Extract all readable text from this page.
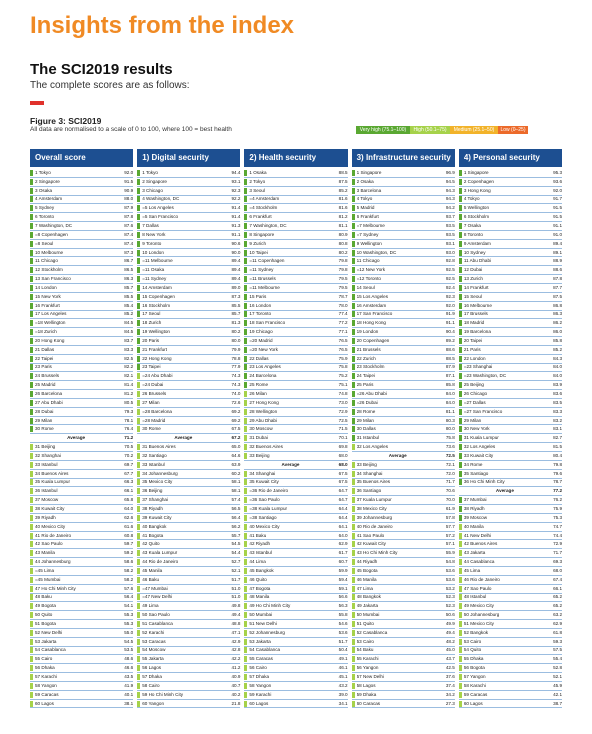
Insights from the index
The SCI2019 results
The complete scores are as follows:
Figure 3: SCI2019
All data are normalised to a scale of 0 to 100, where 100 = best health	Very high (75.1–100)	High (50.1–75)	Medium (25.1–50)	Low (0–25)
Overall score
1 Tokyo	92.0
2 Singapore	91.5
3 Osaka	90.9
4 Amsterdam	88.0
5 Sydney	87.9
6 Toronto	87.8
7 Washington, DC	87.6
=8 Copenhagen	87.4
=8 Seoul	87.4
10 Melbourne	87.3
11 Chicago	86.7
12 Stockholm	86.5
13 San Francisco	86.3
14 London	85.7
15 New York	85.5
16 Frankfurt	85.4
17 Los Angeles	85.2
=18 Wellington	84.5
=18 Zurich	84.5
20 Hong Kong	83.7
21 Dallas	83.3
22 Taipei	82.5
23 Paris	82.2
24 Brussels	82.1
25 Madrid	81.4
26 Barcelona	81.2
27 Abu Dhabi	80.5
28 Dubai	79.3
29 Milan	78.1
30 Rome	76.4
Average	71.2
31 Beijing	70.5
32 Shanghai	70.2
33 Istanbul	69.7
34 Buenos Aires	67.7
35 Kuala Lumpur	66.3
36 Istanbul	66.1
37 Moscow	65.8
38 Kuwait City	64.0
39 Riyadh	62.6
40 Mexico City	61.6
41 Rio de Janeiro	60.8
42 Sao Paulo	59.7
43 Manila	59.2
44 Johannesburg	58.6
=45 Lima	58.2
=45 Mumbai	58.2
47 Ho Chi Minh City	57.6
48 Baku	56.4
49 Bogota	54.1
50 Quito	55.3
51 Bogota	55.3
52 New Delhi	55.0
53 Jakarta	54.5
54 Casablanca	53.5
55 Cairo	48.6
56 Dhaka	46.6
57 Karachi	43.5
58 Yangon	41.9
59 Caracas	40.1
60 Lagos	38.1
1) Digital security
1 Tokyo	94.4
2 Singapore	93.1
3 Chicago	92.3
4 Washington, DC	92.2
=5 Los Angeles	91.4
=5 San Francisco	91.4
7 Dallas	91.3
8 New York	91.1
9 Toronto	90.6
10 London	90.0
=11 Melbourne	89.4
=11 Osaka	89.4
=11 Sydney	89.4
14 Amsterdam	89.0
15 Copenhagen	87.3
16 Stockholm	85.5
17 Seoul	85.7
18 Zurich	81.3
19 Wellington	80.2
20 Paris	80.0
21 Frankfurt	79.9
22 Hong Kong	78.8
23 Taipei	77.9
=24 Abu Dhabi	74.3
=24 Dubai	74.3
26 Brussels	74.0
27 Milan	72.6
=28 Barcelona	69.2
=28 Madrid	69.2
30 Rome	67.5
Average	67.2
31 Buenos Aires	65.0
32 Santiago	64.6
33 Istanbul	63.9
34 Johannesburg	60.2
35 Mexico City	58.1
36 Beijing	58.1
37 Shanghai	57.4
38 Riyadh	56.5
39 Kuwait City	56.4
40 Bangkok	56.2
41 Bogota	55.7
42 Quito	54.5
43 Kuala Lumpur	54.4
44 Rio de Janeiro	52.7
45 Manila	52.1
46 Baku	51.7
=47 Mumbai	51.0
=47 New Delhi	51.0
49 Lima	49.8
50 Sao Paulo	49.4
51 Casablanca	48.8
52 Karachi	47.1
53 Caracas	42.9
54 Moscow	42.8
55 Jakarta	42.2
56 Lagos	41.2
57 Dhaka	40.9
58 Cairo	40.7
59 Ho Chi Minh City	40.2
60 Yangon	21.8
2) Health security
1 Osaka	88.5
2 Tokyo	87.5
3 Seoul	85.2
=4 Amsterdam	81.6
=4 Stockholm	81.6
6 Frankfurt	81.2
7 Washington, DC	81.1
8 Singapore	80.9
9 Zurich	80.8
10 Taipei	80.2
=11 Copenhagen	79.8
=11 Sydney	79.8
=11 Brussels	79.5
=11 Melbourne	79.5
15 Paris	78.7
16 London	78.0
17 Toronto	77.4
18 San Francisco	77.2
19 Chicago	77.1
=20 Madrid	76.5
=20 New York	76.5
22 Dallas	75.9
23 Los Angeles	75.8
24 Barcelona	75.2
25 Rome	75.1
26 Milan	74.8
27 Hong Kong	73.0
28 Wellington	72.9
29 Abu Dhabi	72.5
30 Moscow	71.5
31 Dubai	70.1
32 Buenos Aires	69.8
33 Beijing	68.0
Average	68.0
34 Shanghai	67.5
35 Kuwait City	67.5
=36 Rio de Janeiro	64.7
=36 Sao Paulo	64.7
=38 Kuala Lumpur	64.4
=38 Santiago	64.4
40 Mexico City	64.1
41 Baku	64.0
42 Riyadh	62.9
43 Istanbul	61.7
44 Lima	60.7
45 Bangkok	59.9
46 Quito	59.4
47 Bogota	59.1
48 Manila	56.6
49 Ho Chi Minh City	56.3
50 Mumbai	55.8
51 New Delhi	54.6
52 Johannesburg	53.6
53 Jakarta	51.7
54 Casablanca	50.4
55 Caracas	49.1
56 Cairo	46.1
57 Dhaka	45.1
58 Yangon	43.2
59 Karachi	39.0
60 Lagos	34.1
3) Infrastructure security
1 Singapore	96.9
2 Osaka	94.5
3 Barcelona	94.3
4 Tokyo	94.3
5 Madrid	94.2
6 Frankfurt	93.7
=7 Melbourne	93.5
=7 Sydney	93.5
9 Wellington	93.1
10 Washington, DC	93.0
11 Chicago	92.8
=12 New York	92.5
=12 Toronto	92.5
14 Seoul	92.4
15 Los Angeles	92.3
16 Amsterdam	92.0
17 San Francisco	91.9
18 Hong Kong	91.1
19 London	90.4
20 Copenhagen	89.2
21 Brussels	88.6
22 Zurich	88.5
23 Stockholm	87.9
24 Taipei	87.1
25 Paris	85.8
=26 Abu Dhabi	84.0
=26 Dubai	84.0
28 Rome	81.1
29 Milan	80.3
30 Dallas	80.0
31 Istanbul	75.8
32 Los Angeles	73.6
Average	72.5
33 Beijing	72.1
34 Shanghai	72.0
35 Buenos Aires	71.7
36 Santiago	70.6
37 Kuala Lumpur	70.0
38 Mexico City	61.9
39 Johannesburg	57.8
40 Rio de Janeiro	57.7
41 Sao Paulo	57.2
42 Kuwait City	57.1
43 Ho Chi Minh City	55.9
44 Riyadh	54.8
45 Bogota	53.6
46 Manila	53.6
47 Lima	53.2
48 Bangkok	52.3
49 Jakarta	52.3
50 Mumbai	50.6
51 Quito	49.9
52 Casablanca	49.4
53 Cairo	48.2
54 Baku	45.0
55 Karachi	43.7
56 Yangon	42.5
57 New Delhi	37.6
58 Lagos	37.4
59 Dhaka	34.2
60 Caracas	27.3
4) Personal security
1 Singapore	95.3
2 Copenhagen	93.6
3 Hong Kong	92.0
4 Tokyo	91.7
5 Wellington	91.5
6 Stockholm	91.5
7 Osaka	91.1
8 Toronto	91.0
9 Amsterdam	89.4
10 Sydney	89.1
11 Abu Dhabi	88.9
12 Dubai	88.6
13 Zurich	87.8
14 Frankfurt	87.7
15 Seoul	87.5
16 Melbourne	86.8
17 Brussels	86.3
18 Madrid	86.2
19 Barcelona	86.0
20 Taipei	85.8
21 Paris	85.2
22 London	84.3
=23 Shanghai	84.0
=23 Washington, DC	84.0
25 Beijing	83.9
26 Chicago	83.6
=27 Dallas	83.5
=27 San Francisco	83.3
29 Milan	83.2
30 New York	83.1
31 Kuala Lumpur	82.7
32 Los Angeles	81.5
33 Kuwait City	80.4
34 Rome	79.8
35 Santiago	79.6
36 Ho Chi Minh City	78.7
Average	77.2
37 Mumbai	76.2
38 Riyadh	75.9
39 Moscow	75.3
40 Manila	74.7
41 New Delhi	74.4
42 Buenos Aires	72.9
43 Jakarta	71.7
44 Casablanca	69.3
45 Lima	68.0
46 Rio de Janeiro	67.4
47 Sao Paulo	66.1
48 Istanbul	65.2
49 Mexico City	65.2
50 Johannesburg	63.2
51 Mexico City	62.9
52 Bangkok	61.8
53 Cairo	59.3
54 Quito	57.5
55 Dhaka	55.4
56 Bogota	52.8
57 Yangon	52.1
58 Karachi	45.9
59 Caracas	42.1
60 Lagos	38.7
